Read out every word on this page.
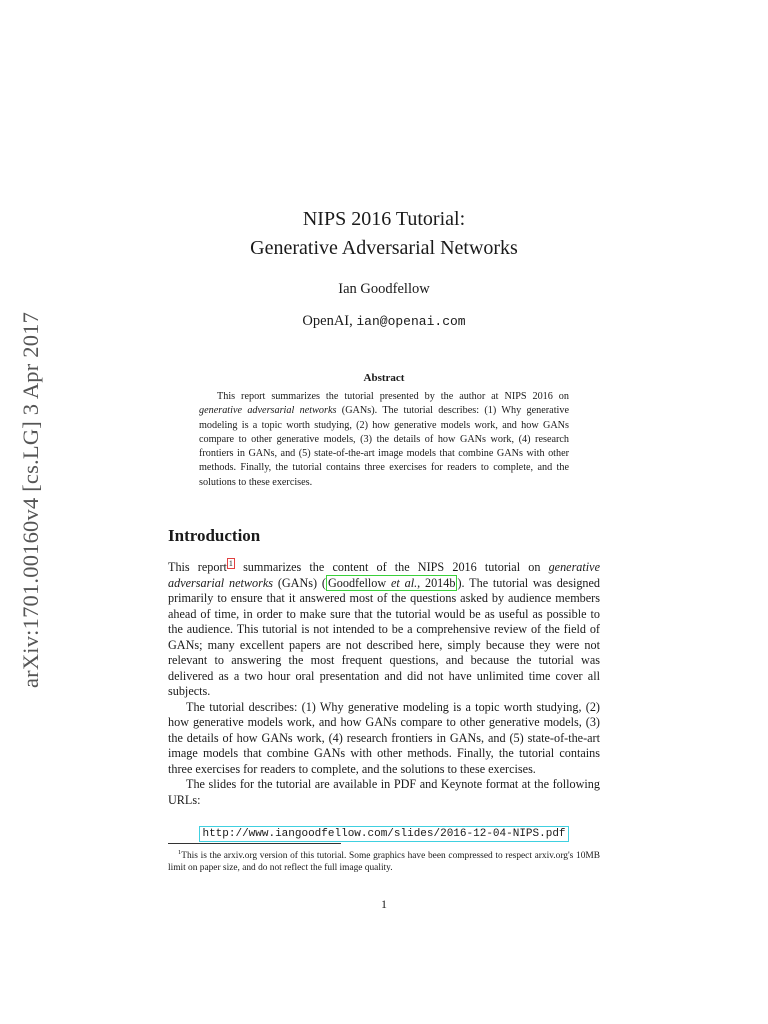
arXiv:1701.00160v4 [cs.LG] 3 Apr 2017
NIPS 2016 Tutorial:
Generative Adversarial Networks
Ian Goodfellow
OpenAI, ian@openai.com
Abstract
This report summarizes the tutorial presented by the author at NIPS 2016 on generative adversarial networks (GANs). The tutorial describes: (1) Why generative modeling is a topic worth studying, (2) how generative models work, and how GANs compare to other generative models, (3) the details of how GANs work, (4) research frontiers in GANs, and (5) state-of-the-art image models that combine GANs with other methods. Finally, the tutorial contains three exercises for readers to complete, and the solutions to these exercises.
Introduction

This report $^1$ summarizes the content of the NIPS 2016 tutorial on generative adversarial networks (GANs) ( Goodfellow et al., 2014b ). The tutorial was designed primarily to ensure that it answered most of the questions asked by audience members ahead of time, in order to make sure that the tutorial would be as useful as possible to the audience. This tutorial is not intended to be a comprehensive review of the field of GANs; many excellent papers are not described here, simply because they were not relevant to answering the most frequent questions, and because the tutorial was delivered as a two hour oral presentation and did not have unlimited time cover all subjects.

The tutorial describes: (1) Why generative modeling is a topic worth studying, (2) how generative models work, and how GANs compare to other generative models, (3) the details of how GANs work, (4) research frontiers in GANs, and (5) state-of-the-art image models that combine GANs with other methods. Finally, the tutorial contains three exercises for readers to complete, and the solutions to these exercises.

The slides for the tutorial are available in PDF and Keynote format at the following URLs:

http://www.iangoodfellow.com/slides/2016-12-04-NIPS.pdf
$^1$This is the arxiv.org version of this tutorial. Some graphics have been compressed to respect arxiv.org's 10MB limit on paper size, and do not reflect the full image quality.
1
